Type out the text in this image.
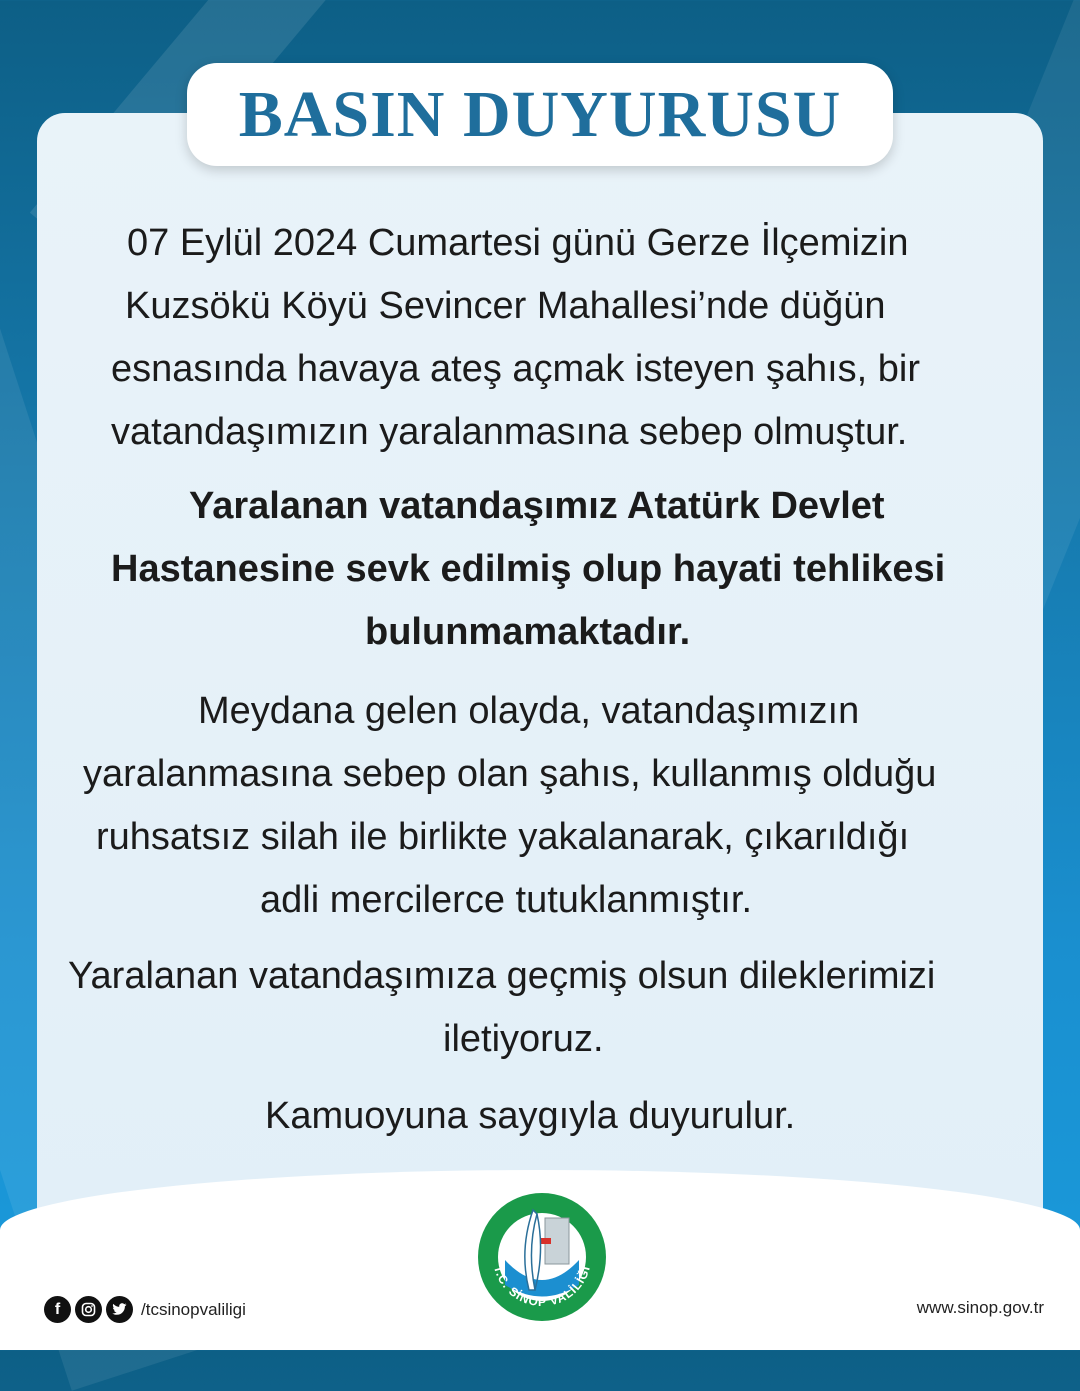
BASIN DUYURUSU
07 Eylül 2024 Cumartesi günü Gerze İlçemizin
Kuzsökü Köyü Sevincer Mahallesi’nde düğün
esnasında havaya ateş açmak isteyen şahıs, bir
vatandaşımızın yaralanmasına sebep olmuştur.
Yaralanan vatandaşımız Atatürk Devlet
Hastanesine sevk edilmiş olup hayati tehlikesi
bulunmamaktadır.
Meydana gelen olayda, vatandaşımızın
yaralanmasına sebep olan şahıs, kullanmış olduğu
ruhsatsız silah ile birlikte yakalanarak, çıkarıldığı
adli mercilerce tutuklanmıştır.
Yaralanan vatandaşımıza geçmiş olsun dileklerimizi
iletiyoruz.
Kamuoyuna saygıyla duyurulur.
T.C. SİNOP VALİLİĞİ
f	/tcsinopvaliligi	www.sinop.gov.tr
